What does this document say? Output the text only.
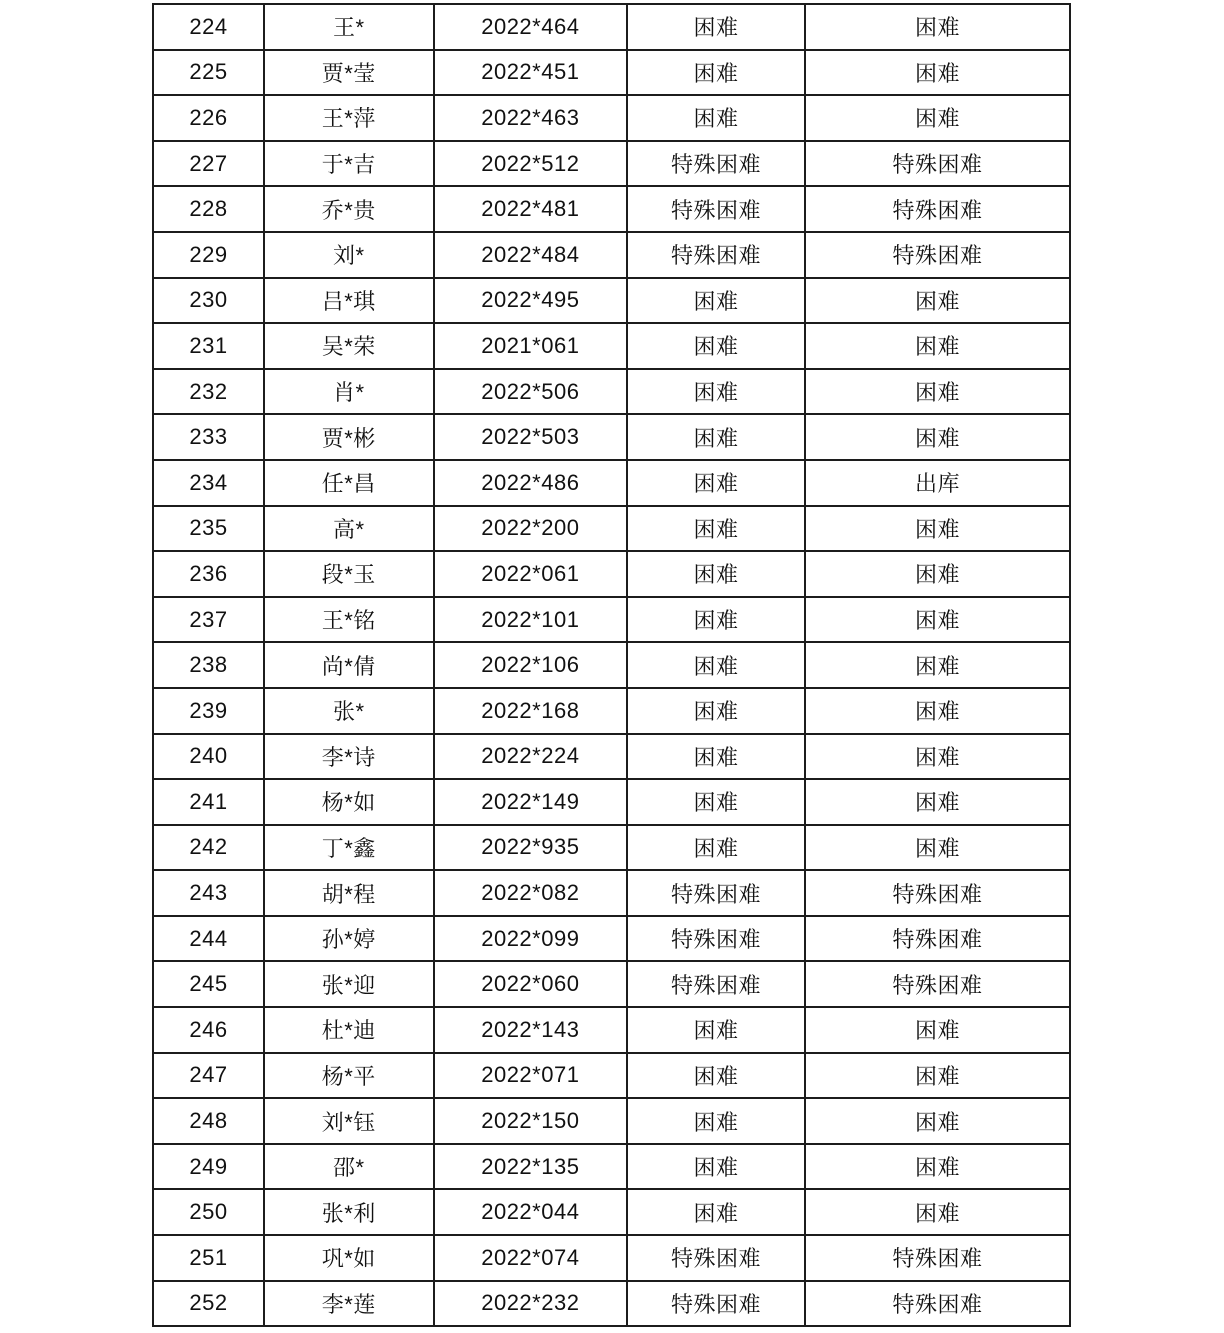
224	王*	2022*464	困难	困难
225	贾*莹	2022*451	困难	困难
226	王*萍	2022*463	困难	困难
227	于*吉	2022*512	特殊困难	特殊困难
228	乔*贵	2022*481	特殊困难	特殊困难
229	刘*	2022*484	特殊困难	特殊困难
230	吕*琪	2022*495	困难	困难
231	吴*荣	2021*061	困难	困难
232	肖*	2022*506	困难	困难
233	贾*彬	2022*503	困难	困难
234	任*昌	2022*486	困难	出库
235	高*	2022*200	困难	困难
236	段*玉	2022*061	困难	困难
237	王*铭	2022*101	困难	困难
238	尚*倩	2022*106	困难	困难
239	张*	2022*168	困难	困难
240	李*诗	2022*224	困难	困难
241	杨*如	2022*149	困难	困难
242	丁*鑫	2022*935	困难	困难
243	胡*程	2022*082	特殊困难	特殊困难
244	孙*婷	2022*099	特殊困难	特殊困难
245	张*迎	2022*060	特殊困难	特殊困难
246	杜*迪	2022*143	困难	困难
247	杨*平	2022*071	困难	困难
248	刘*钰	2022*150	困难	困难
249	邵*	2022*135	困难	困难
250	张*利	2022*044	困难	困难
251	巩*如	2022*074	特殊困难	特殊困难
252	李*莲	2022*232	特殊困难	特殊困难
